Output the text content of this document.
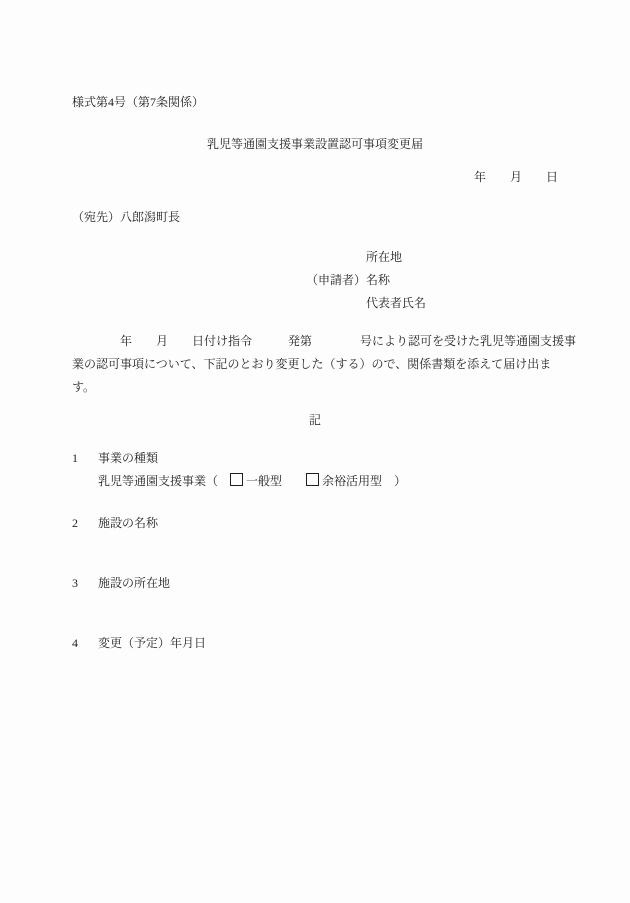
様式第4号（第7条関係）
乳児等通園支援事業設置認可事項変更届
年　　月　　日
（宛先）八郎潟町長
（申請者）
所在地
名称
代表者氏名
　　　　年　　月　　日付け指令　　　発第　　　　号により認可を受けた乳児等通園支援事
業の認可事項について、下記のとおり変更した（する）ので、関係書類を添えて届け出ま
す。
記
1	事業の種類
乳児等通園支援事業（　一般型　　	余裕活用型　）
2	施設の名称
3	施設の所在地
4	変更（予定）年月日
